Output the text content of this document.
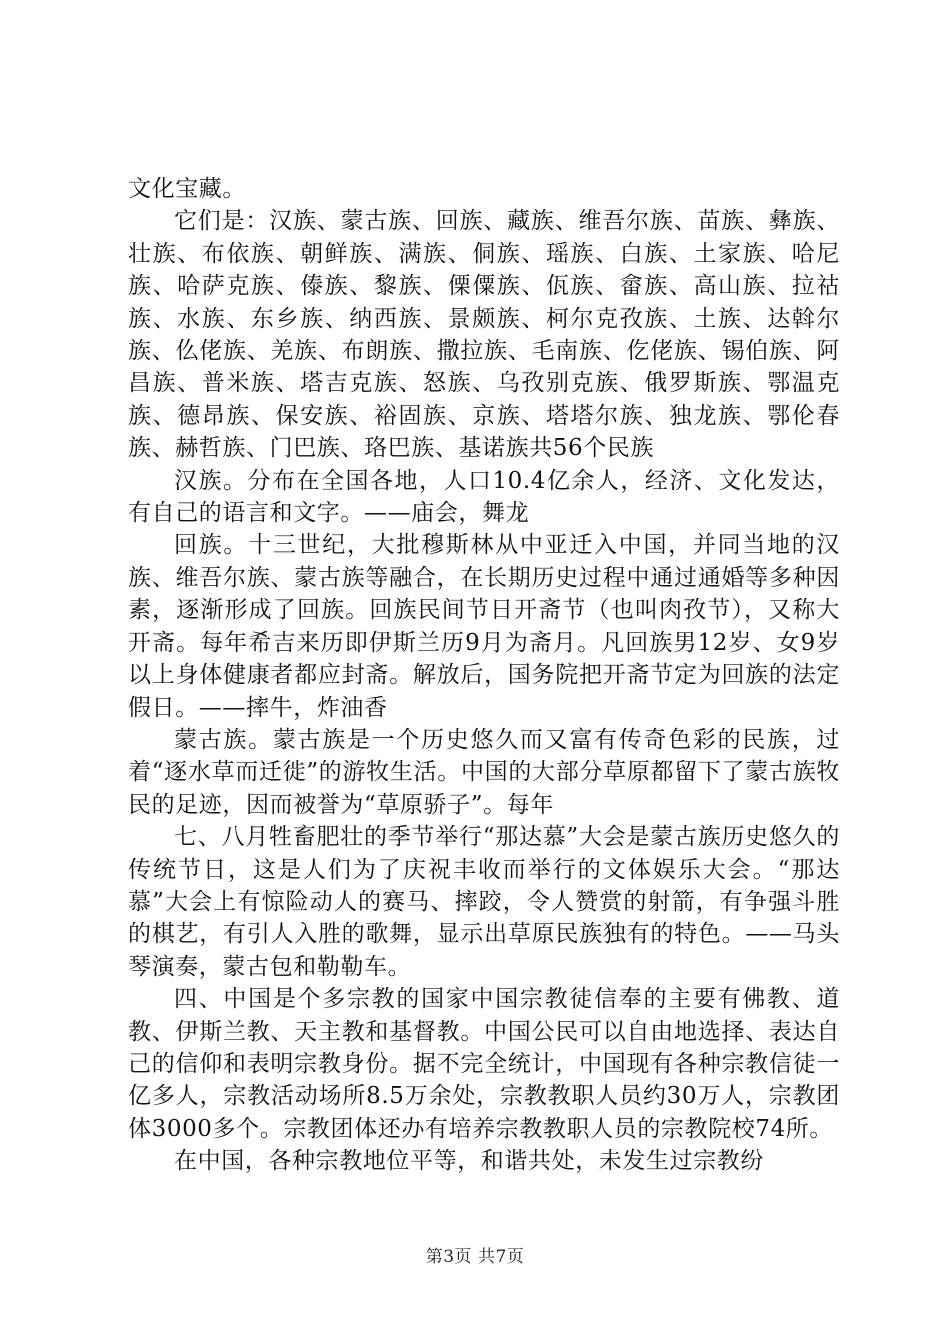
文化宝藏。

它们是：汉族、蒙古族、回族、藏族、维吾尔族、苗族、彝族、壮族、布依族、朝鲜族、满族、侗族、瑶族、白族、土家族、哈尼族、哈萨克族、傣族、黎族、傈僳族、佤族、畲族、高山族、拉祜族、水族、东乡族、纳西族、景颇族、柯尔克孜族、土族、达斡尔族、仫佬族、羌族、布朗族、撒拉族、毛南族、仡佬族、锡伯族、阿昌族、普米族、塔吉克族、怒族、乌孜别克族、俄罗斯族、鄂温克族、德昂族、保安族、裕固族、京族、塔塔尔族、独龙族、鄂伦春族、赫哲族、门巴族、珞巴族、基诺族共56个民族

汉族。分布在全国各地，人口10.4亿余人，经济、文化发达，有自己的语言和文字。——庙会，舞龙

回族。十三世纪，大批穆斯林从中亚迁入中国，并同当地的汉族、维吾尔族、蒙古族等融合，在长期历史过程中通过通婚等多种因素，逐渐形成了回族。回族民间节日开斋节（也叫肉孜节），又称大开斋。每年希吉来历即伊斯兰历9月为斋月。凡回族男12岁、女9岁以上身体健康者都应封斋。解放后，国务院把开斋节定为回族的法定假日。——摔牛，炸油香

蒙古族。蒙古族是一个历史悠久而又富有传奇色彩的民族，过着“逐水草而迁徙”的游牧生活。中国的大部分草原都留下了蒙古族牧民的足迹，因而被誉为“草原骄子”。每年

七、八月牲畜肥壮的季节举行“那达慕”大会是蒙古族历史悠久的传统节日，这是人们为了庆祝丰收而举行的文体娱乐大会。“那达慕”大会上有惊险动人的赛马、摔跤，令人赞赏的射箭，有争强斗胜的棋艺，有引人入胜的歌舞，显示出草原民族独有的特色。——马头琴演奏，蒙古包和勒勒车。

四、中国是个多宗教的国家中国宗教徒信奉的主要有佛教、道教、伊斯兰教、天主教和基督教。中国公民可以自由地选择、表达自己的信仰和表明宗教身份。据不完全统计，中国现有各种宗教信徒一亿多人，宗教活动场所8.5万余处，宗教教职人员约30万人，宗教团体3000多个。宗教团体还办有培养宗教教职人员的宗教院校74所。

在中国，各种宗教地位平等，和谐共处，未发生过宗教纷

第3页 共7页
